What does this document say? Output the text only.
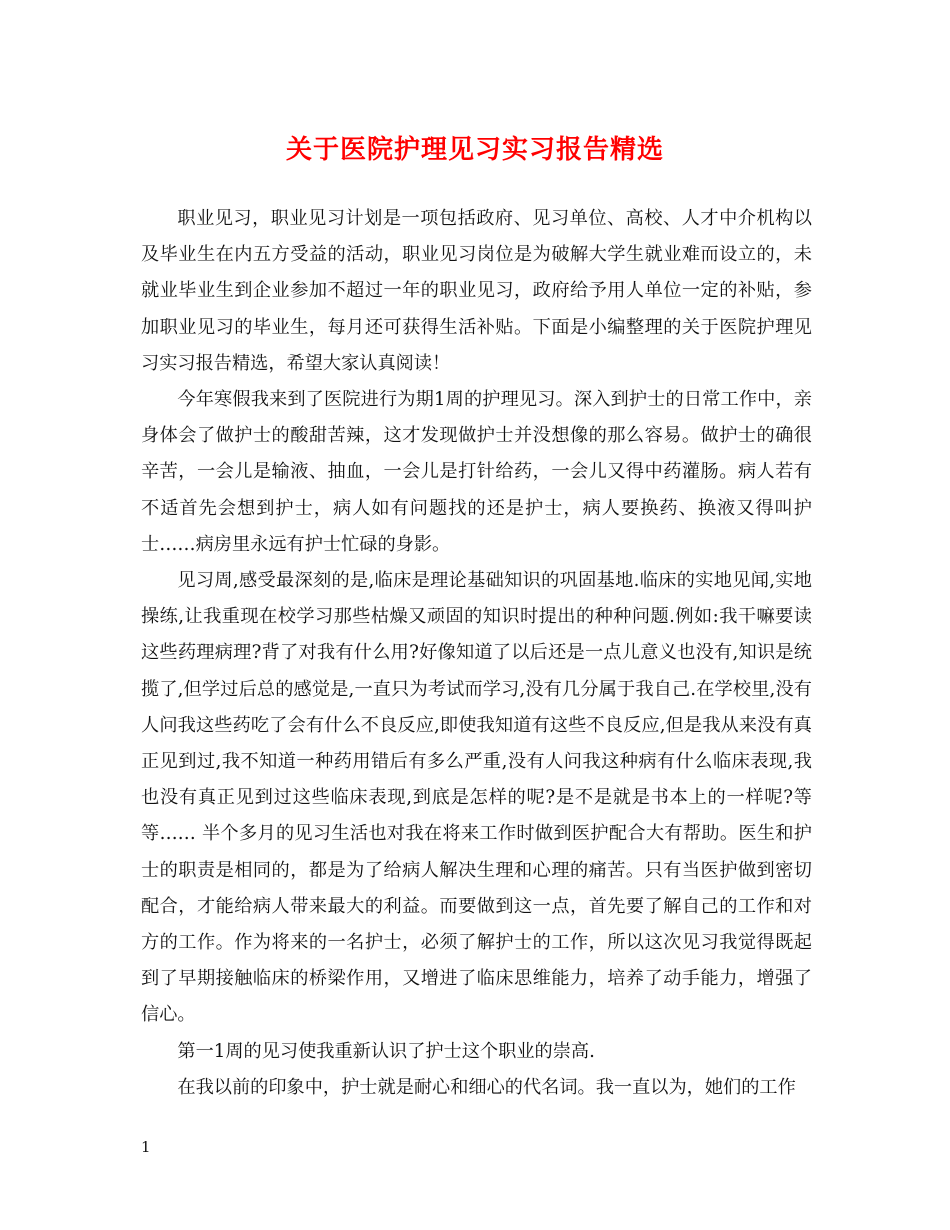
关于医院护理见习实习报告精选

职业见习，职业见习计划是一项包括政府、见习单位、高校、人才中介机构以及毕业生在内五方受益的活动，职业见习岗位是为破解大学生就业难而设立的，未就业毕业生到企业参加不超过一年的职业见习，政府给予用人单位一定的补贴，参加职业见习的毕业生，每月还可获得生活补贴。下面是小编整理的关于医院护理见习实习报告精选，希望大家认真阅读！

今年寒假我来到了医院进行为期1周的护理见习。深入到护士的日常工作中，亲身体会了做护士的酸甜苦辣，这才发现做护士并没想像的那么容易。做护士的确很辛苦，一会儿是输液、抽血，一会儿是打针给药，一会儿又得中药灌肠。病人若有不适首先会想到护士，病人如有问题找的还是护士，病人要换药、换液又得叫护士……病房里永远有护士忙碌的身影。

见习周,感受最深刻的是,临床是理论基础知识的巩固基地.临床的实地见闻,实地操练,让我重现在校学习那些枯燥又顽固的知识时提出的种种问题.例如:我干嘛要读这些药理病理?背了对我有什么用?好像知道了以后还是一点儿意义也没有,知识是统揽了,但学过后总的感觉是,一直只为考试而学习,没有几分属于我自己.在学校里,没有人问我这些药吃了会有什么不良反应,即使我知道有这些不良反应,但是我从来没有真正见到过,我不知道一种药用错后有多么严重,没有人问我这种病有什么临床表现,我也没有真正见到过这些临床表现,到底是怎样的呢?是不是就是书本上的一样呢?等等…… 半个多月的见习生活也对我在将来工作时做到医护配合大有帮助。医生和护士的职责是相同的，都是为了给病人解决生理和心理的痛苦。只有当医护做到密切配合，才能给病人带来最大的利益。而要做到这一点，首先要了解自己的工作和对方的工作。作为将来的一名护士，必须了解护士的工作，所以这次见习我觉得既起到了早期接触临床的桥梁作用，又增进了临床思维能力，培养了动手能力，增强了信心。

第一1周的见习使我重新认识了护士这个职业的崇高.

在我以前的印象中，护士就是耐心和细心的代名词。我一直以为，她们的工作

1
